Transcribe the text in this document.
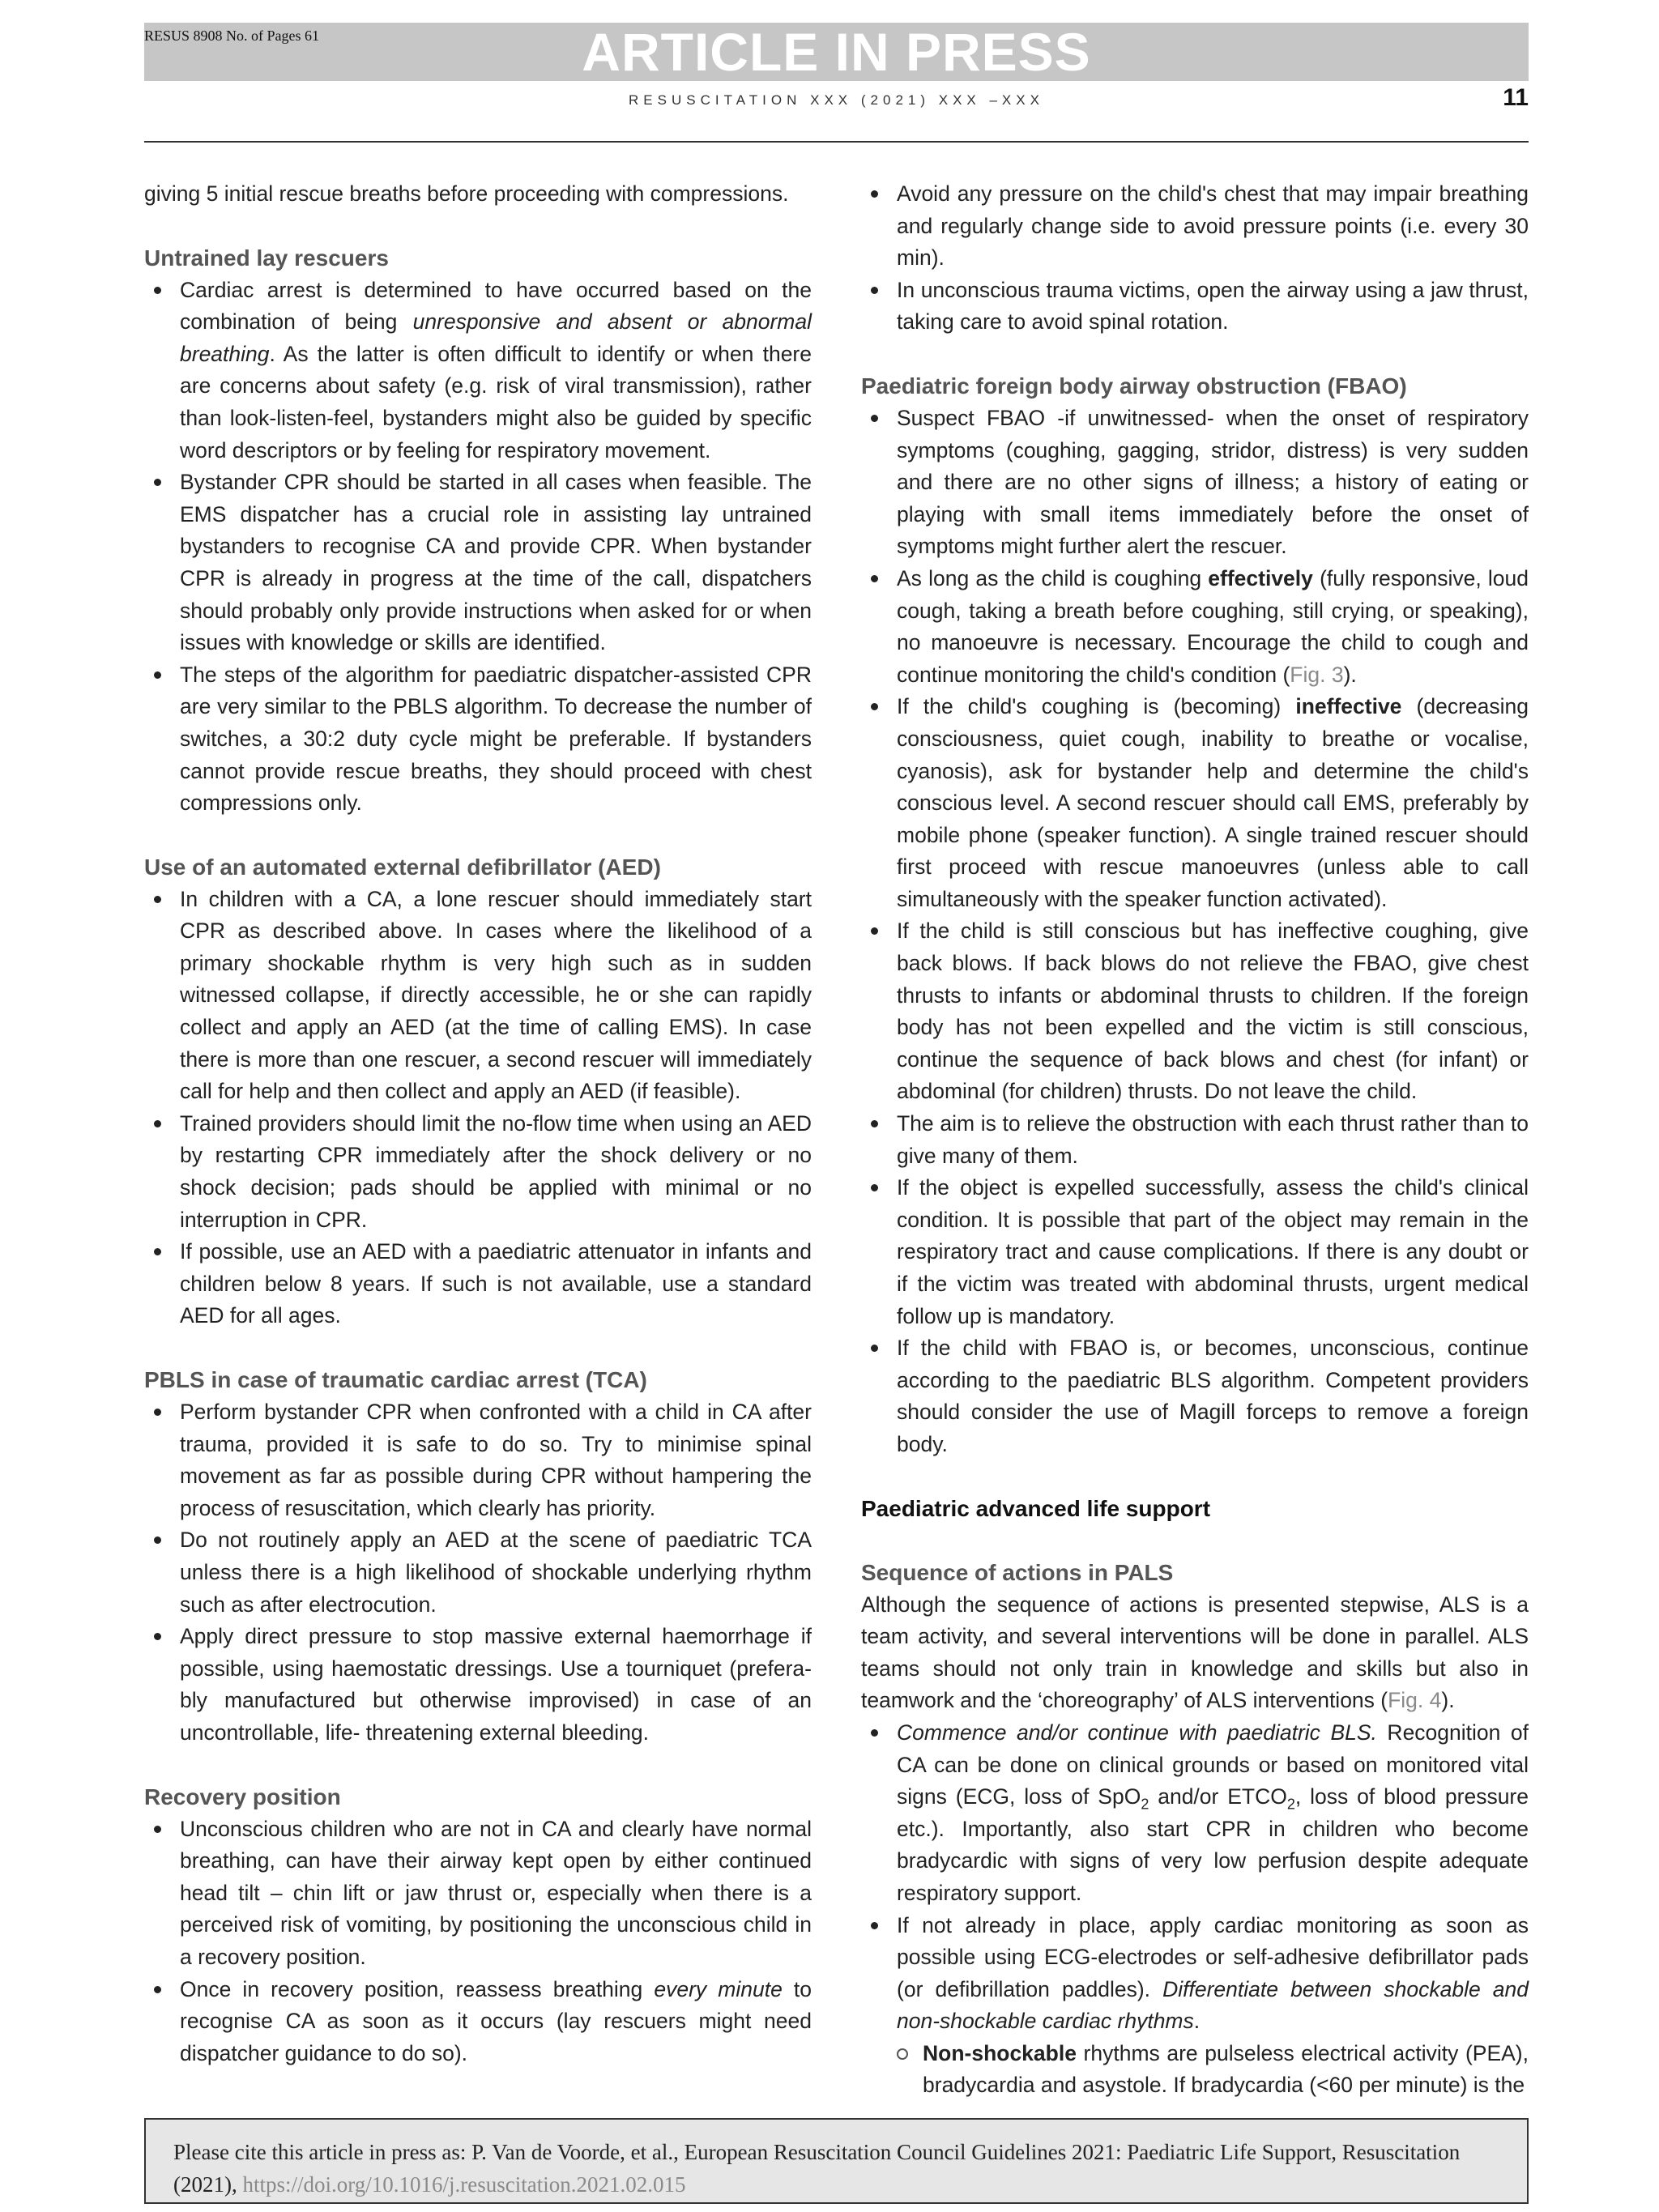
RESUS 8908 No. of Pages 61	ARTICLE IN PRESS
RESUSCITATION XXX (2021) XXX –XXX	11

giving 5 initial rescue breaths before proceeding with compressions.

Untrained lay rescuers
Cardiac arrest is determined to have occurred based on the combination of being unresponsive and absent or abnormal breathing. As the latter is often difficult to identify or when there are concerns about safety (e.g. risk of viral transmission), rather than look-listen-feel, bystanders might also be guided by specific word descriptors or by feeling for respiratory movement.
Bystander CPR should be started in all cases when feasible. The EMS dispatcher has a crucial role in assisting lay untrained bystanders to recognise CA and provide CPR. When bystander CPR is already in progress at the time of the call, dispatchers should probably only provide instructions when asked for or when issues with knowledge or skills are identified.
The steps of the algorithm for paediatric dispatcher-assisted CPR are very similar to the PBLS algorithm. To decrease the number of switches, a 30:2 duty cycle might be preferable. If bystanders cannot provide rescue breaths, they should proceed with chest compressions only.
Use of an automated external defibrillator (AED)
In children with a CA, a lone rescuer should immediately start CPR as described above. In cases where the likelihood of a primary shockable rhythm is very high such as in sudden witnessed collapse, if directly accessible, he or she can rapidly collect and apply an AED (at the time of calling EMS). In case there is more than one rescuer, a second rescuer will immediately call for help and then collect and apply an AED (if feasible).
Trained providers should limit the no-flow time when using an AED by restarting CPR immediately after the shock delivery or no shock decision; pads should be applied with minimal or no interruption in CPR.
If possible, use an AED with a paediatric attenuator in infants and children below 8 years. If such is not available, use a standard AED for all ages.
PBLS in case of traumatic cardiac arrest (TCA)
Perform bystander CPR when confronted with a child in CA after trauma, provided it is safe to do so. Try to minimise spinal movement as far as possible during CPR without hampering the process of resuscitation, which clearly has priority.
Do not routinely apply an AED at the scene of paediatric TCA unless there is a high likelihood of shockable underlying rhythm such as after electrocution.
Apply direct pressure to stop massive external haemorrhage if possible, using haemostatic dressings. Use a tourniquet (prefera- bly manufactured but otherwise improvised) in case of an uncontrollable, life- threatening external bleeding.
Recovery position
Unconscious children who are not in CA and clearly have normal breathing, can have their airway kept open by either continued head tilt – chin lift or jaw thrust or, especially when there is a perceived risk of vomiting, by positioning the unconscious child in a recovery position.
Once in recovery position, reassess breathing every minute to recognise CA as soon as it occurs (lay rescuers might need dispatcher guidance to do so).
Avoid any pressure on the child's chest that may impair breathing and regularly change side to avoid pressure points (i.e. every 30 min).
In unconscious trauma victims, open the airway using a jaw thrust, taking care to avoid spinal rotation.
Paediatric foreign body airway obstruction (FBAO)
Suspect FBAO -if unwitnessed- when the onset of respiratory symptoms (coughing, gagging, stridor, distress) is very sudden and there are no other signs of illness; a history of eating or playing with small items immediately before the onset of symptoms might further alert the rescuer.
As long as the child is coughing effectively (fully responsive, loud cough, taking a breath before coughing, still crying, or speaking), no manoeuvre is necessary. Encourage the child to cough and continue monitoring the child's condition (Fig. 3).
If the child's coughing is (becoming) ineffective (decreasing consciousness, quiet cough, inability to breathe or vocalise, cyanosis), ask for bystander help and determine the child's conscious level. A second rescuer should call EMS, preferably by mobile phone (speaker function). A single trained rescuer should first proceed with rescue manoeuvres (unless able to call simultaneously with the speaker function activated).
If the child is still conscious but has ineffective coughing, give back blows. If back blows do not relieve the FBAO, give chest thrusts to infants or abdominal thrusts to children. If the foreign body has not been expelled and the victim is still conscious, continue the sequence of back blows and chest (for infant) or abdominal (for children) thrusts. Do not leave the child.
The aim is to relieve the obstruction with each thrust rather than to give many of them.
If the object is expelled successfully, assess the child's clinical condition. It is possible that part of the object may remain in the respiratory tract and cause complications. If there is any doubt or if the victim was treated with abdominal thrusts, urgent medical follow up is mandatory.
If the child with FBAO is, or becomes, unconscious, continue according to the paediatric BLS algorithm. Competent providers should consider the use of Magill forceps to remove a foreign body.
Paediatric advanced life support
Sequence of actions in PALS

Although the sequence of actions is presented stepwise, ALS is a team activity, and several interventions will be done in parallel. ALS teams should not only train in knowledge and skills but also in teamwork and the ‘choreography’ of ALS interventions (Fig. 4).

Commence and/or continue with paediatric BLS. Recognition of CA can be done on clinical grounds or based on monitored vital signs (ECG, loss of SpO$_2$ and/or $ETCO_2$, loss of blood pressure etc.). Importantly, also start CPR in children who become bradycardic with signs of very low perfusion despite adequate respiratory support.
If not already in place, apply cardiac monitoring as soon as possible using ECG-electrodes or self-adhesive defibrillator pads (or defibrillation paddles). Differentiate between shockable and non-shockable cardiac rhythms.
Non-shockable rhythms are pulseless electrical activity (PEA), bradycardia and asystole. If bradycardia (<60 per minute) is the
Please cite this article in press as: P. Van de Voorde, et al., European Resuscitation Council Guidelines 2021: Paediatric Life Support, Resuscitation (2021), https://doi.org/10.1016/j.resuscitation.2021.02.015
